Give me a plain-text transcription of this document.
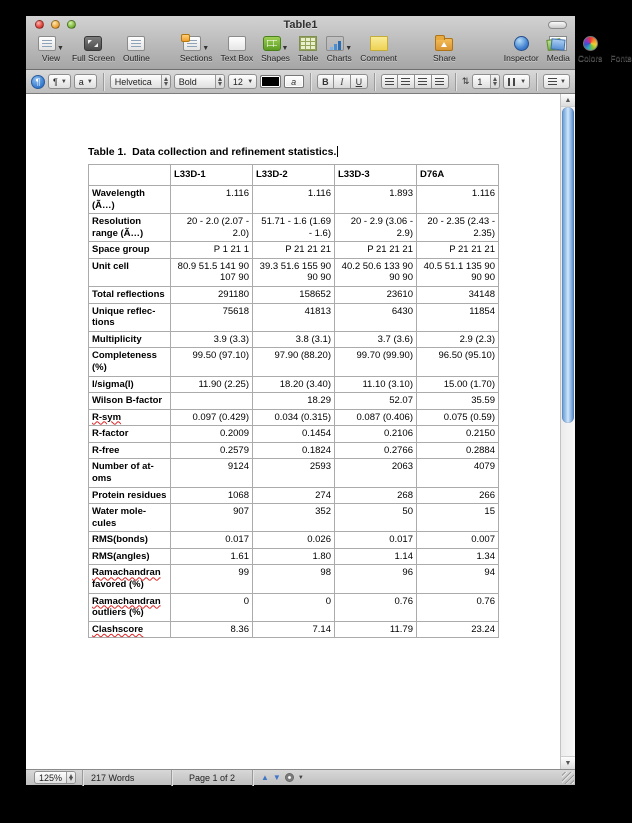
Table1
▼
View Full Screen Outline
▼
Sections Text Box
▼
Shapes Table
▼
Charts Comment	Share	Inspector Media Colors Fonts
¶ ¶ ▼	a ▼	Helvetica	Bold	12 ▼	a	B	I	U	⇅ 1	▼	▼
Table 1.  Data collection and refinement statistics.
	L33D-1	L33D-2	L33D-3	D76A
Wavelength (Ã…)	1.116	1.116	1.893	1.116
Resolution range (Ã…)	20 - 2.0 (2.07 - 2.0)	51.71 - 1.6 (1.69 - 1.6)	20 - 2.9 (3.06 - 2.9)	20 - 2.35 (2.43 - 2.35)
Space group	P 1 21 1	P 21 21 21	P 21 21 21	P 21 21 21
Unit cell	80.9 51.5 141 90 107 90	39.3 51.6 155 90 90 90	40.2 50.6 133 90 90 90	40.5 51.1 135 90 90 90
Total reflections	291180	158652	23610	34148
Unique reflections	75618	41813	6430	11854
Multiplicity	3.9 (3.3)	3.8 (3.1)	3.7 (3.6)	2.9 (2.3)
Completeness (%)	99.50 (97.10)	97.90 (88.20)	99.70 (99.90)	96.50 (95.10)
I/sigma(I)	11.90 (2.25)	18.20 (3.40)	11.10 (3.10)	15.00 (1.70)
Wilson B-factor		18.29	52.07	35.59
R-sym	0.097 (0.429)	0.034 (0.315)	0.087 (0.406)	0.075 (0.59)
R-factor	0.2009	0.1454	0.2106	0.2150
R-free	0.2579	0.1824	0.2766	0.2884
Number of atoms	9124	2593	2063	4079
Protein residues	1068	274	268	266
Water molecules	907	352	50	15
RMS(bonds)	0.017	0.026	0.017	0.007
RMS(angles)	1.61	1.80	1.14	1.34
Ramachandran favored (%)	99	98	96	94
Ramachandran outliers (%)	0	0	0.76	0.76
Clashscore	8.36	7.14	11.79	23.24
▲
▼
125%	217 Words	Page 1 of 2	▲ ▼	▼
